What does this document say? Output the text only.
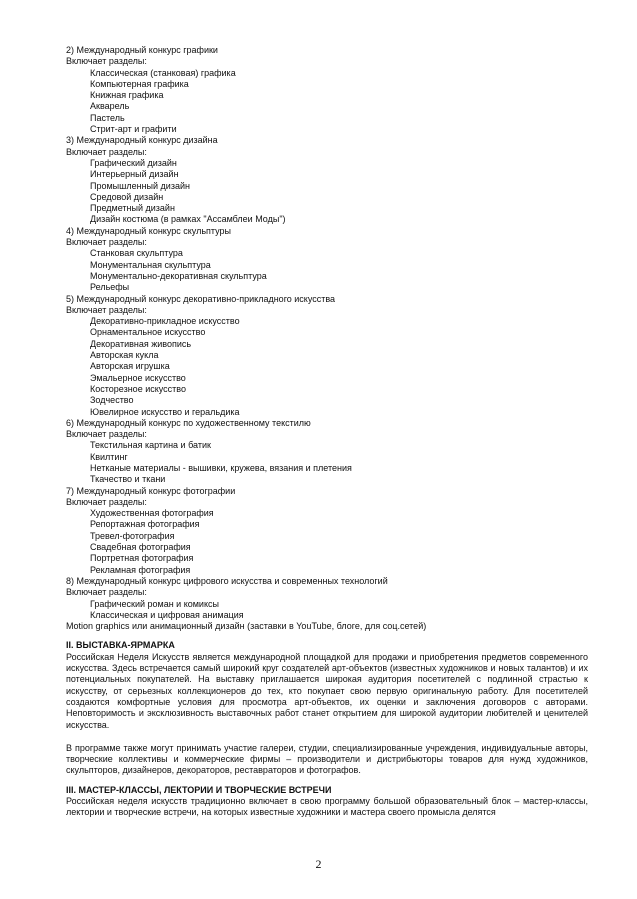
2) Международный конкурс графики
Включает разделы:
Классическая (станковая) графика
Компьютерная графика
Книжная графика
Акварель
Пастель
Стрит-арт и графити
3) Международный конкурс дизайна
Включает разделы:
Графический дизайн
Интерьерный дизайн
Промышленный дизайн
Средовой дизайн
Предметный дизайн
Дизайн костюма (в рамках "Ассамблеи Моды")
4) Международный конкурс скульптуры
Включает разделы:
Станковая скульптура
Монументальная скульптура
Монументально-декоративная скульптура
Рельефы
5) Международный конкурс декоративно-прикладного искусства
Включает разделы:
Декоративно-прикладное искусство
Орнаментальное искусство
Декоративная живопись
Авторская кукла
Авторская игрушка
Эмальерное искусство
Косторезное искусство
Зодчество
Ювелирное искусство и геральдика
6) Международный конкурс по художественному текстилю
Включает разделы:
Текстильная картина и батик
Квилтинг
Нетканые материалы - вышивки, кружева, вязания и плетения
Ткачество и ткани
7) Международный конкурс фотографии
Включает разделы:
Художественная фотография
Репортажная фотография
Тревел-фотография
Свадебная фотография
Портретная фотография
Рекламная фотография
8) Международный конкурс цифрового искусства и современных технологий
Включает разделы:
Графический роман и комиксы
Классическая и цифровая анимация
Motion graphics или анимационный дизайн (заставки в YouTube, блоге, для соц.сетей)
II. ВЫСТАВКА-ЯРМАРКА
Российская Неделя Искусств является международной площадкой для продажи и приобретения предметов современного искусства. Здесь встречается самый широкий круг создателей арт-объектов (известных художников и новых талантов) и их потенциальных покупателей. На выставку приглашается широкая аудитория посетителей с подлинной страстью к искусству, от серьезных коллекционеров до тех, кто покупает свою первую оригинальную работу. Для посетителей создаются комфортные условия для просмотра арт-объектов, их оценки и заключения договоров с авторами. Неповторимость и эксклюзивность выставочных работ станет открытием для широкой аудитории любителей и ценителей искусства.
В программе также могут принимать участие галереи, студии, специализированные учреждения, индивидуальные авторы, творческие коллективы и коммерческие фирмы – производители и дистрибьюторы товаров для нужд художников, скульпторов, дизайнеров, декораторов, реставраторов и фотографов.
III. МАСТЕР-КЛАССЫ, ЛЕКТОРИИ И ТВОРЧЕСКИЕ ВСТРЕЧИ
Российская неделя искусств традиционно включает в свою программу большой образовательный блок – мастер-классы, лектории и творческие встречи, на которых известные художники и мастера своего промысла делятся
2
